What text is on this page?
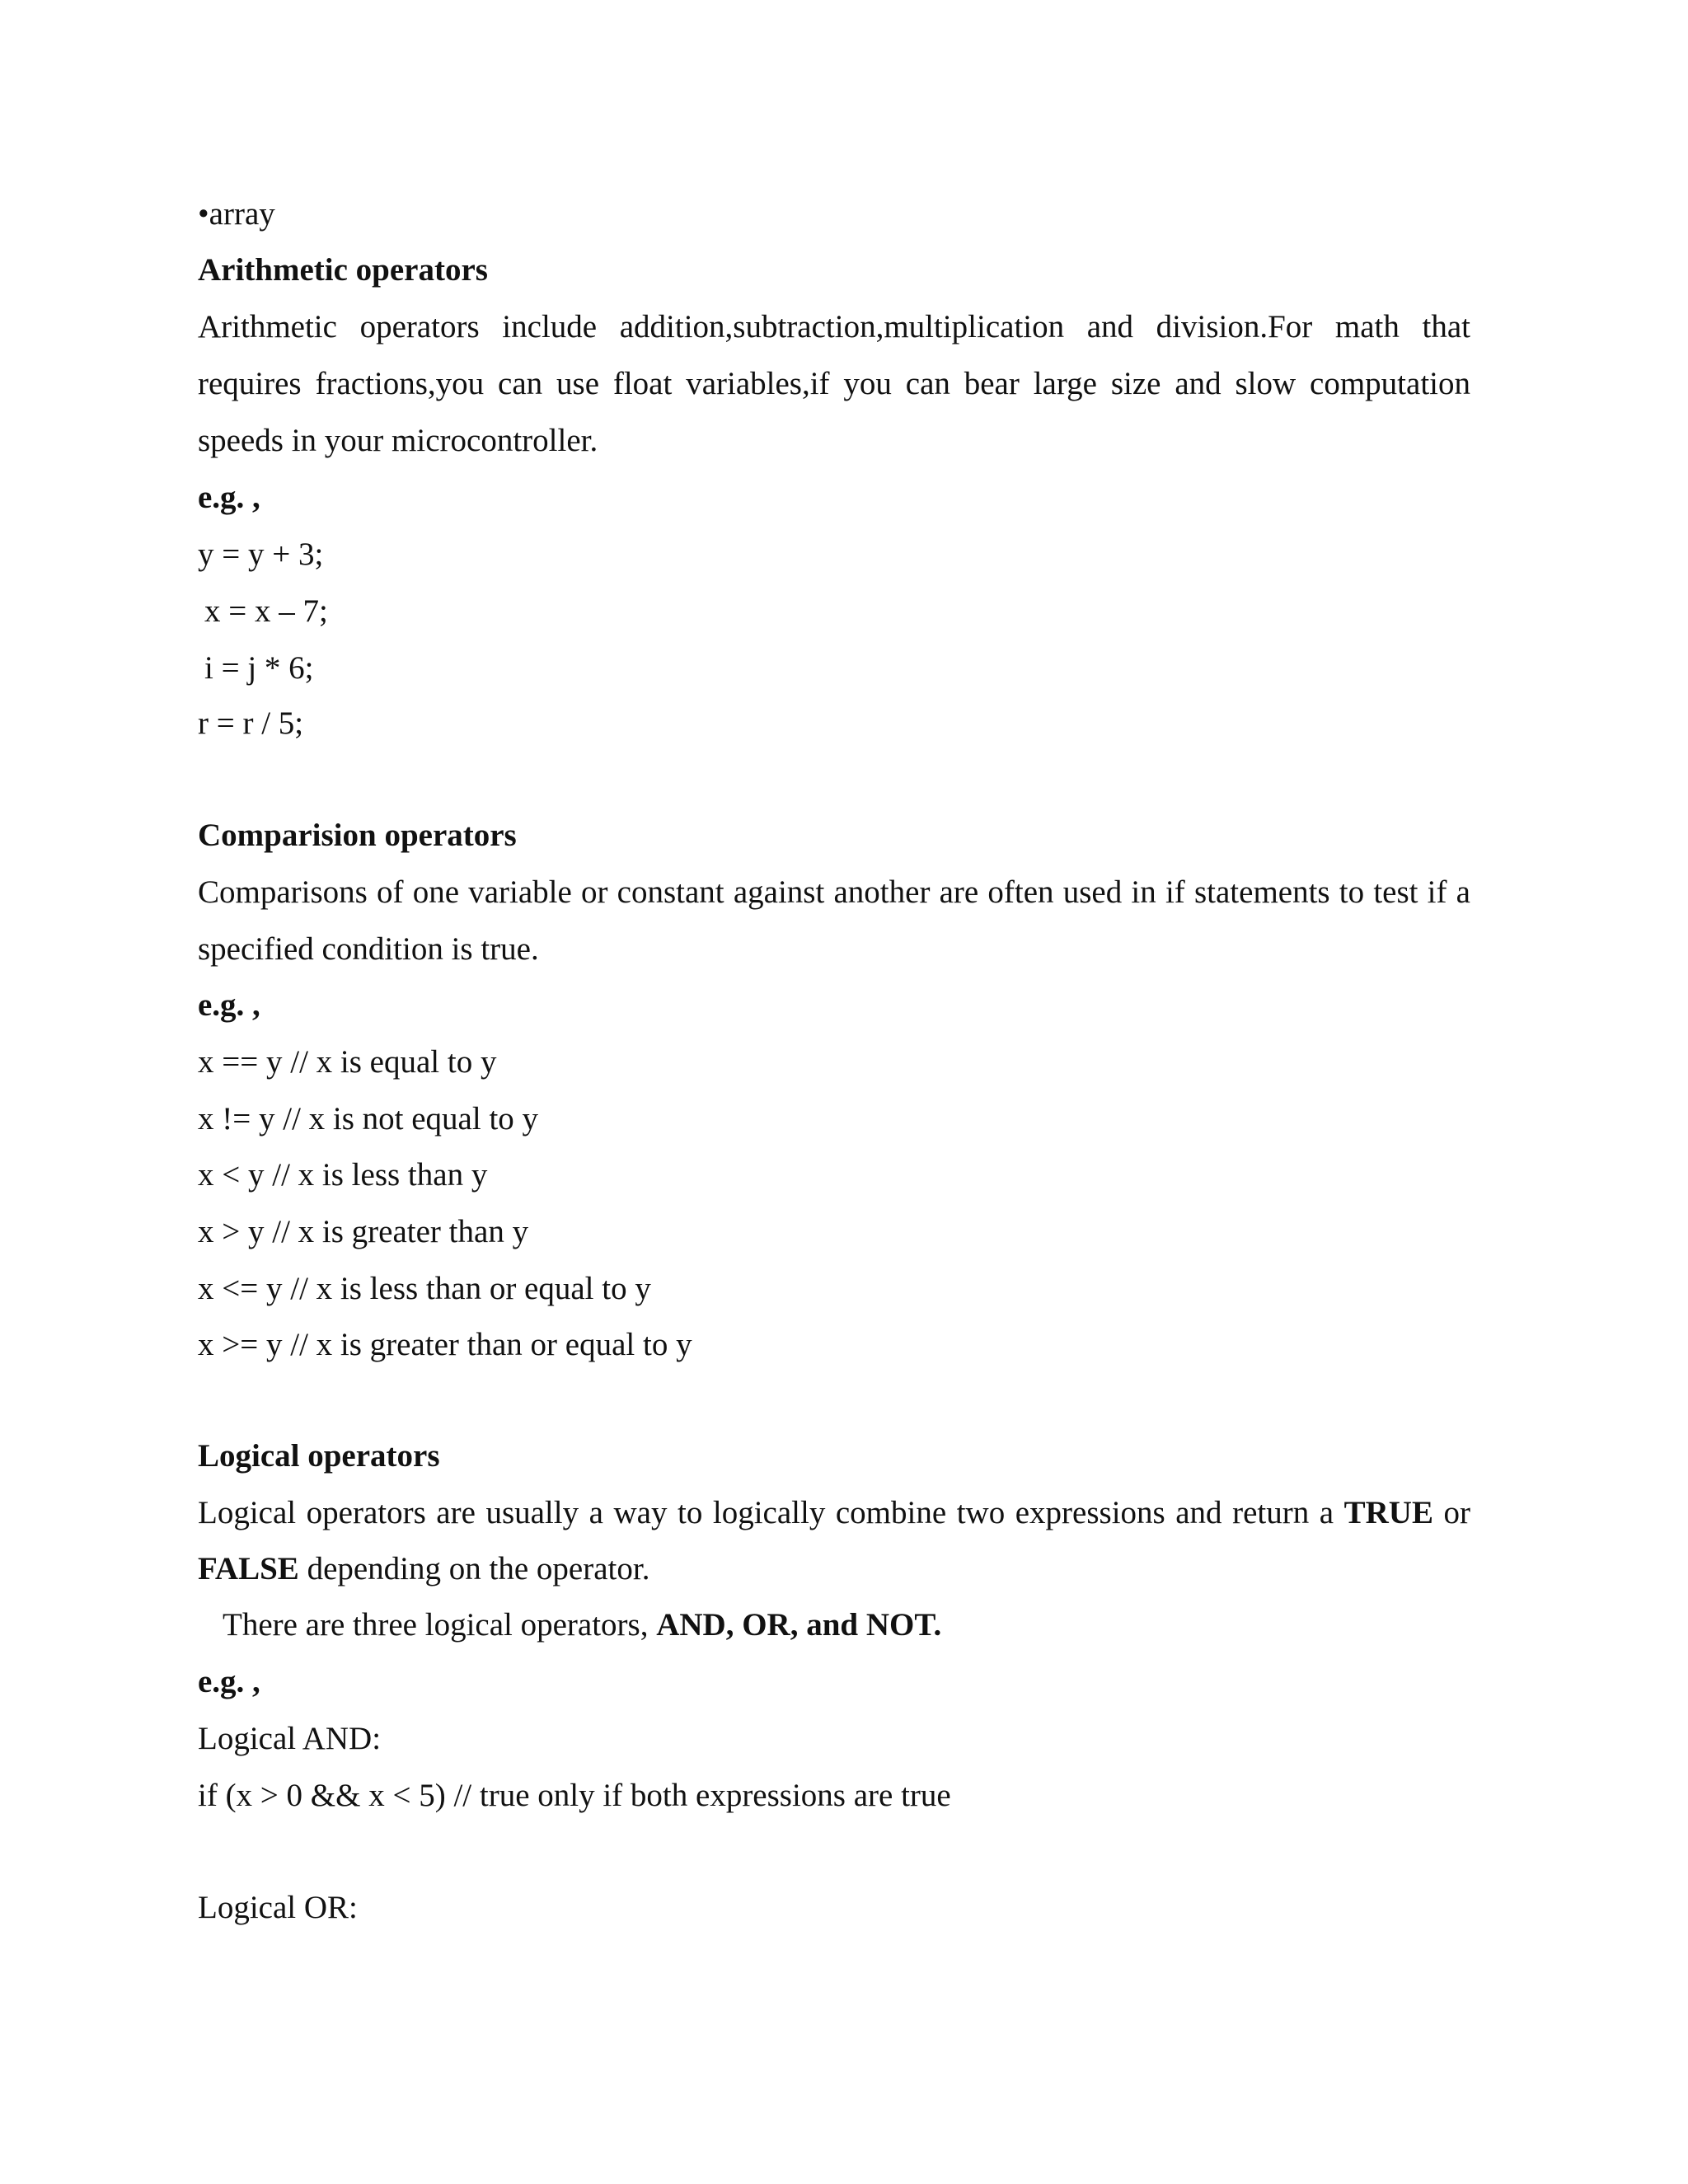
•array
Arithmetic operators
Arithmetic operators include addition,subtraction,multiplication and division.For math that
requires fractions,you can use float variables,if you can bear large size and slow computation
speeds in your microcontroller.
e.g. ,
y = y + 3;
x = x – 7;
i = j * 6;
r = r / 5;
Comparision operators
Comparisons of one variable or constant against another are often used in if statements to test if a
specified condition is true.
e.g. ,
x == y // x is equal to y
x != y // x is not equal to y
x < y // x is less than y
x > y // x is greater than y
x <= y // x is less than or equal to y
x >= y // x is greater than or equal to y
Logical operators
Logical operators are usually a way to logically combine two expressions and return a TRUE or
FALSE depending on the operator.
There are three logical operators, AND, OR, and NOT.
e.g. ,
Logical AND:
if (x > 0 && x < 5) // true only if both expressions are true
Logical OR:
